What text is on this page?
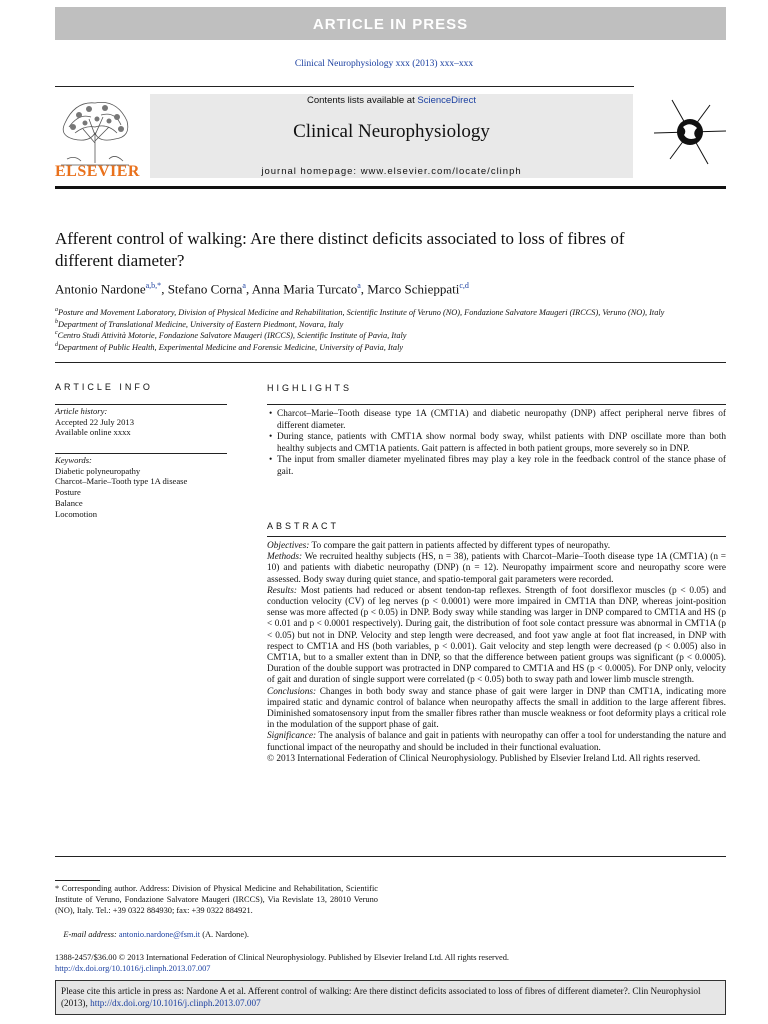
ARTICLE IN PRESS
Clinical Neurophysiology xxx (2013) xxx–xxx
ELSEVIER
Contents lists available at ScienceDirect
Clinical Neurophysiology
journal homepage: www.elsevier.com/locate/clinph
Afferent control of walking: Are there distinct deficits associated to loss of fibres of different diameter?
Antonio Nardone$^{a,b,*}$, Stefano Corna$^a$, Anna Maria Turcato$^a$, Marco Schieppati$^{c,d}$
$^a$Posture and Movement Laboratory, Division of Physical Medicine and Rehabilitation, Scientific Institute of Veruno (NO), Fondazione Salvatore Maugeri (IRCCS), Veruno (NO), Italy
$^b$Department of Translational Medicine, University of Eastern Piedmont, Novara, Italy
$^c$Centro Studi Attività Motorie, Fondazione Salvatore Maugeri (IRCCS), Scientific Institute of Pavia, Italy
$^d$Department of Public Health, Experimental Medicine and Forensic Medicine, University of Pavia, Italy
ARTICLE INFO
Article history:
Accepted 22 July 2013
Available online xxxx
Keywords:
Diabetic polyneuropathy
Charcot–Marie–Tooth type 1A disease
Posture
Balance
Locomotion
HIGHLIGHTS
• Charcot–Marie–Tooth disease type 1A (CMT1A) and diabetic neuropathy (DNP) affect peripheral nerve fibres of different diameter.
• During stance, patients with CMT1A show normal body sway, whilst patients with DNP oscillate more than both healthy subjects and CMT1A patients. Gait pattern is affected in both patient groups, more severely so in DNP.
• The input from smaller diameter myelinated fibres may play a key role in the feedback control of the stance phase of gait.
ABSTRACT

Objectives: To compare the gait pattern in patients affected by different types of neuropathy.

Methods: We recruited healthy subjects (HS, n = 38), patients with Charcot–Marie–Tooth disease type 1A (CMT1A) (n = 10) and patients with diabetic neuropathy (DNP) (n = 12). Neuropathy impairment score and neuropathy score were assessed. Body sway during quiet stance, and spatio-temporal gait parameters were recorded.

Results: Most patients had reduced or absent tendon-tap reflexes. Strength of foot dorsiflexor muscles (p < 0.05) and conduction velocity (CV) of leg nerves (p < 0.0001) were more impaired in CMT1A than DNP, whereas joint-position sense was more affected (p < 0.05) in DNP. Body sway while standing was larger in DNP compared to CMT1A and HS (p < 0.01 and p < 0.0001 respectively). During gait, the distribution of foot sole contact pressure was abnormal in CMT1A (p < 0.05) but not in DNP. Velocity and step length were decreased, and foot yaw angle at foot flat increased, in DNP with respect to CMT1A and HS (both variables, p < 0.001). Gait velocity and step length were decreased (p < 0.005) also in CMT1A, but to a smaller extent than in DNP, so that the difference between patient groups was significant (p < 0.0005). Duration of the double support was protracted in DNP compared to CMT1A and HS (p < 0.0005). For DNP only, velocity of gait and duration of single support were correlated (p < 0.05) both to sway path and lower limb muscle strength.

Conclusions: Changes in both body sway and stance phase of gait were larger in DNP than CMT1A, indicating more impaired static and dynamic control of balance when neuropathy affects the small in addition to the large afferent fibres. Diminished somatosensory input from the smaller fibres rather than muscle weakness or foot deformity plays a critical role in the modulation of the support phase of gait.

Significance: The analysis of balance and gait in patients with neuropathy can offer a tool for understanding the nature and functional impact of the neuropathy and should be included in their functional evaluation.

© 2013 International Federation of Clinical Neurophysiology. Published by Elsevier Ireland Ltd. All rights reserved.

* Corresponding author. Address: Division of Physical Medicine and Rehabilitation, Scientific Institute of Veruno, Fondazione Salvatore Maugeri (IRCCS), Via Revislate 13, 28010 Veruno (NO), Italy. Tel.: +39 0322 884930; fax: +39 0322 884921.
E-mail address: antonio.nardone@fsm.it (A. Nardone).
1388-2457/$36.00 © 2013 International Federation of Clinical Neurophysiology. Published by Elsevier Ireland Ltd. All rights reserved.
http://dx.doi.org/10.1016/j.clinph.2013.07.007
Please cite this article in press as: Nardone A et al. Afferent control of walking: Are there distinct deficits associated to loss of fibres of different diameter?. Clin Neurophysiol (2013), http://dx.doi.org/10.1016/j.clinph.2013.07.007
